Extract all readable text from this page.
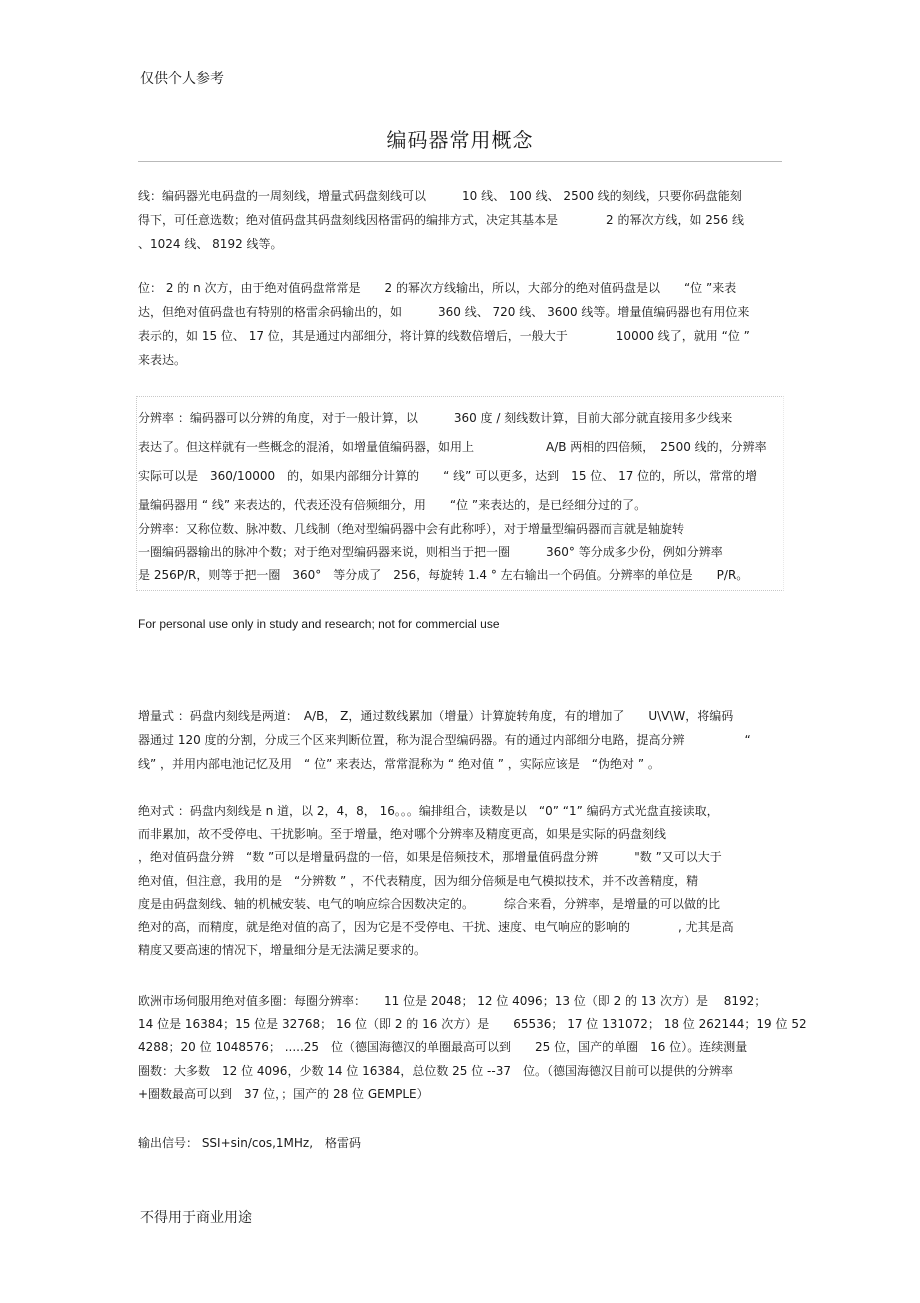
仅供个人参考
编码器常用概念

线：编码器光电码盘的一周刻线，增量式码盘刻线可以　　　10 线、 100 线、 2500 线的刻线，只要你码盘能刻

得下，可任意选数；绝对值码盘其码盘刻线因格雷码的编排方式，决定其基本是　　　　2 的幂次方线，如 256 线

、1024 线、 8192 线等。

位： 2 的 n 次方，由于绝对值码盘常常是　　2 的幂次方线输出，所以，大部分的绝对值码盘是以　　“位 ”来表

达，但绝对值码盘也有特别的格雷余码输出的，如　　　360 线、 720 线、 3600 线等。增量值编码器也有用位来

表示的，如 15 位、 17 位，其是通过内部细分，将计算的线数倍增后，一般大于　　　　10000 线了，就用 “位 ”

来表达。

分辨率 ：编码器可以分辨的角度，对于一般计算，以　　　360 度 / 刻线数计算，目前大部分就直接用多少线来

表达了。但这样就有一些概念的混淆，如增量值编码器，如用上　　　　　　A/B 两相的四倍频，　2500 线的，分辨率

实际可以是　360/10000　的，如果内部细分计算的　　“ 线” 可以更多，达到　15 位、 17 位的，所以，常常的增

量编码器用 “ 线” 来表达的，代表还没有倍频细分，用　　“位 ”来表达的，是已经细分过的了。

分辨率：又称位数、脉冲数、几线制（绝对型编码器中会有此称呼），对于增量型编码器而言就是轴旋转

一圈编码器输出的脉冲个数；对于绝对型编码器来说，则相当于把一圈　　　360° 等分成多少份，例如分辨率

是 256P/R，则等于把一圈　360°　等分成了　256，每旋转 1.4 ° 左右输出一个码值。分辨率的单位是　　P/R。

For personal use only in study and research; not for commercial use

增量式 ：码盘内刻线是两道：　A/B， Z，通过数线累加（增量）计算旋转角度，有的增加了　　U\V\W，将编码

器通过 120 度的分割，分成三个区来判断位置，称为混合型编码器。有的通过内部细分电路，提高分辨　　　　　“

线” ，并用内部电池记忆及用　“ 位” 来表达，常常混称为 “ 绝对值 ” ，实际应该是　“伪绝对 ” 。

绝对式 ：码盘内刻线是 n 道，以 2，4，8， 16。。。编排组合，读数是以　“0” “1” 编码方式光盘直接读取，

而非累加，故不受停电、干扰影响。至于增量，绝对哪个分辨率及精度更高，如果是实际的码盘刻线

，绝对值码盘分辨　“数 ”可以是增量码盘的一倍，如果是倍频技术，那增量值码盘分辨　　　"数 ”又可以大于

绝对值，但注意，我用的是　“分辨数 ” ，不代表精度，因为细分倍频是电气模拟技术，并不改善精度，精

度是由码盘刻线、轴的机械安装、电气的响应综合因数决定的。　　　综合来看，分辨率，是增量的可以做的比

绝对的高，而精度，就是绝对值的高了，因为它是不受停电、干扰、速度、电气响应的影响的　　　　, 尤其是高

精度又要高速的情况下，增量细分是无法满足要求的。

欧洲市场伺服用绝对值多圈：每圈分辨率：　　11 位是 2048； 12 位 4096；13 位（即 2 的 13 次方）是　 8192；

14 位是 16384；15 位是 32768； 16 位（即 2 的 16 次方）是　　65536； 17 位 131072； 18 位 262144；19 位 52

4288；20 位 1048576； .....25　位（德国海德汉的单圈最高可以到　　25 位，国产的单圈　16 位）。连续测量

圈数：大多数　12 位 4096，少数 14 位 16384，总位数 25 位 --37　位。（德国海德汉目前可以提供的分辨率

+圈数最高可以到　37 位，；国产的 28 位 GEMPLE）

输出信号： SSI+sin/cos,1MHz,　格雷码

不得用于商业用途
